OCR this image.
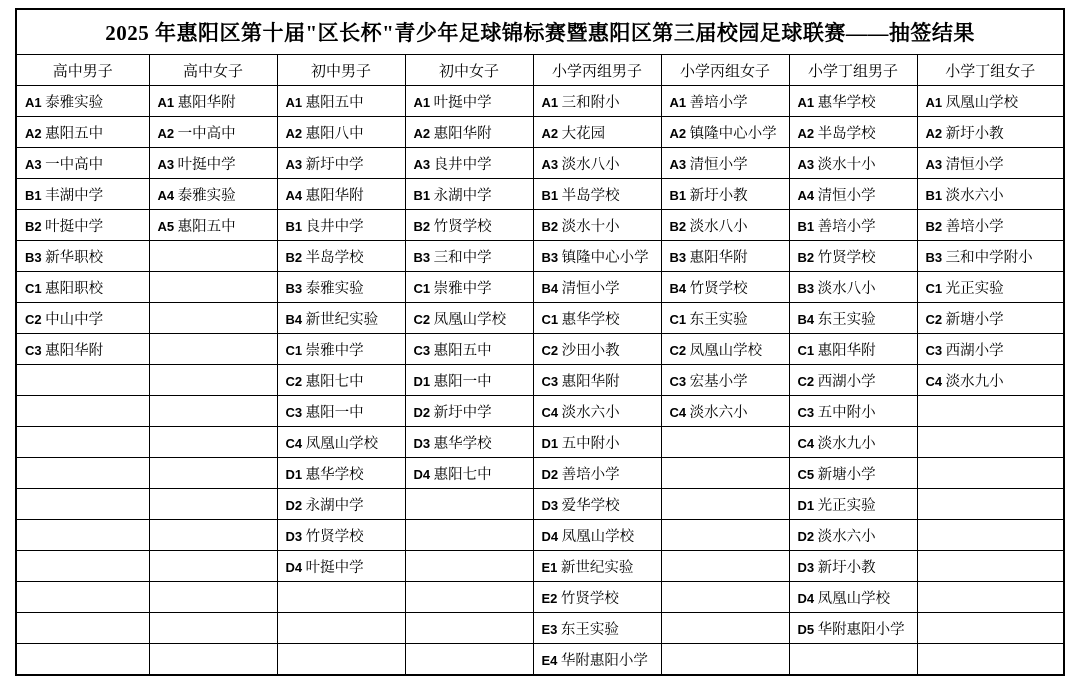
2025 年惠阳区第十届"区长杯"青少年足球锦标赛暨惠阳区第三届校园足球联赛——抽签结果							
高中男子	高中女子	初中男子	初中女子	小学丙组男子	小学丙组女子	小学丁组男子	小学丁组女子
A1 泰雅实验	A1 惠阳华附	A1 惠阳五中	A1 叶挺中学	A1 三和附小	A1 善培小学	A1 惠华学校	A1 凤凰山学校
A2 惠阳五中	A2 一中高中	A2 惠阳八中	A2 惠阳华附	A2 大花园	A2 镇隆中心小学	A2 半岛学校	A2 新圩小教
A3 一中高中	A3 叶挺中学	A3 新圩中学	A3 良井中学	A3 淡水八小	A3 清恒小学	A3 淡水十小	A3 清恒小学
B1 丰湖中学	A4 泰雅实验	A4 惠阳华附	B1 永湖中学	B1 半岛学校	B1 新圩小教	A4 清恒小学	B1 淡水六小
B2 叶挺中学	A5 惠阳五中	B1 良井中学	B2 竹贤学校	B2 淡水十小	B2 淡水八小	B1 善培小学	B2 善培小学
B3 新华职校		B2 半岛学校	B3 三和中学	B3 镇隆中心小学	B3 惠阳华附	B2 竹贤学校	B3 三和中学附小
C1 惠阳职校		B3 泰雅实验	C1 崇雅中学	B4 清恒小学	B4 竹贤学校	B3 淡水八小	C1 光正实验
C2 中山中学		B4 新世纪实验	C2 凤凰山学校	C1 惠华学校	C1 东王实验	B4 东王实验	C2 新塘小学
C3 惠阳华附		C1 崇雅中学	C3 惠阳五中	C2 沙田小教	C2 凤凰山学校	C1 惠阳华附	C3 西湖小学
		C2 惠阳七中	D1 惠阳一中	C3 惠阳华附	C3 宏基小学	C2 西湖小学	C4 淡水九小
		C3 惠阳一中	D2 新圩中学	C4 淡水六小	C4 淡水六小	C3 五中附小	
		C4 凤凰山学校	D3 惠华学校	D1 五中附小		C4 淡水九小	
		D1 惠华学校	D4 惠阳七中	D2 善培小学		C5 新塘小学	
		D2 永湖中学		D3 爱华学校		D1 光正实验	
		D3 竹贤学校		D4 凤凰山学校		D2 淡水六小	
		D4 叶挺中学		E1 新世纪实验		D3 新圩小教	
				E2 竹贤学校		D4 凤凰山学校	
				E3 东王实验		D5 华附惠阳小学	
				E4 华附惠阳小学			
